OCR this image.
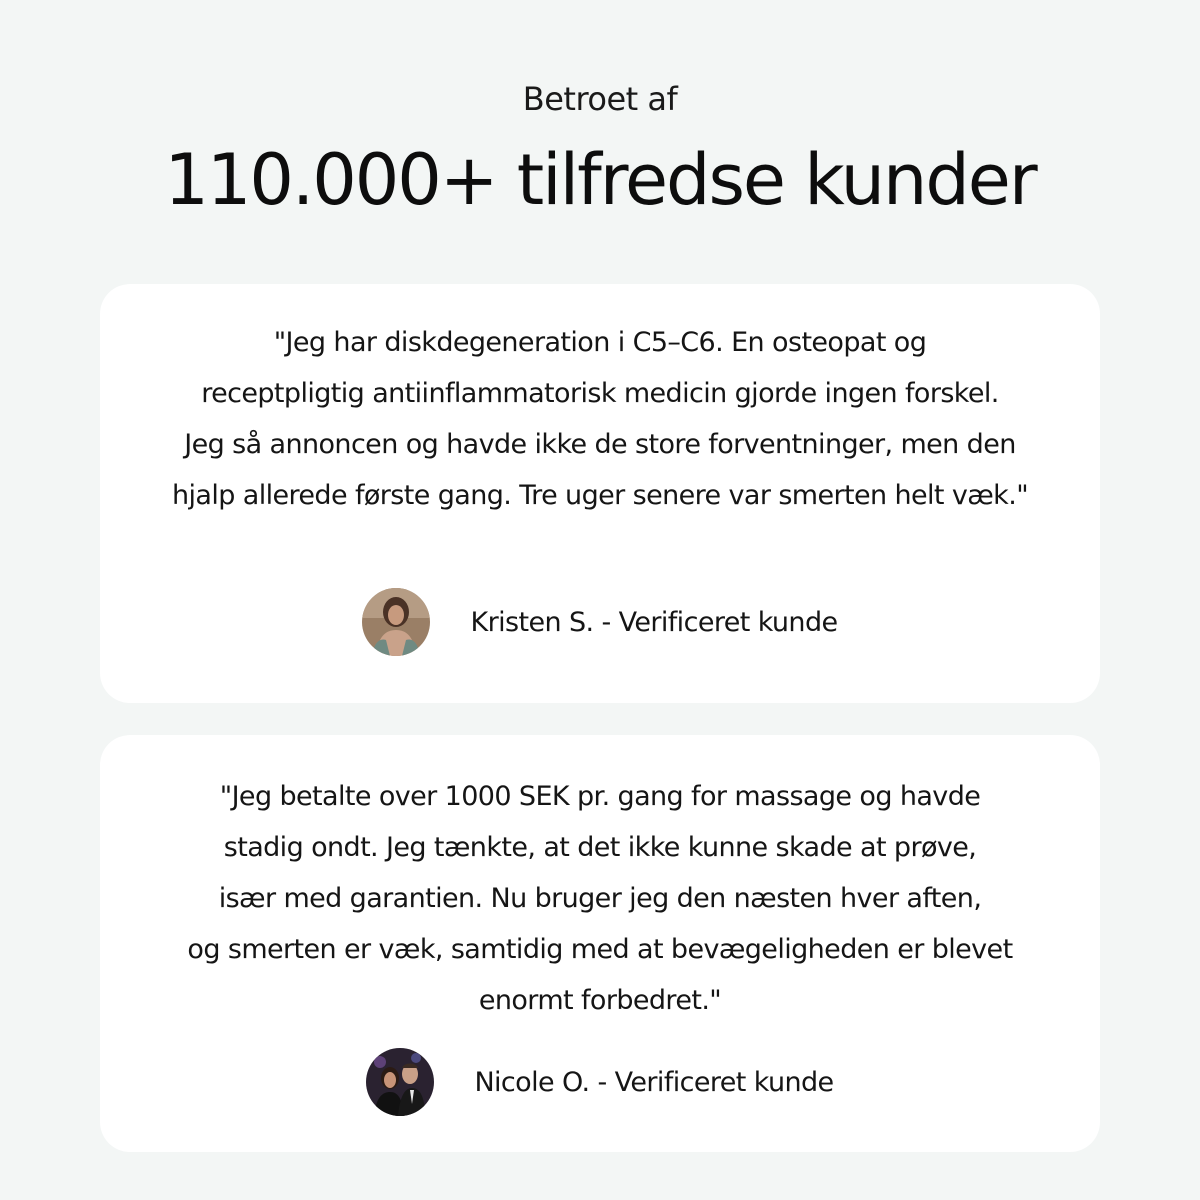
Betroet af
110.000+ tilfredse kunder

"Jeg har diskdegeneration i C5–C6. En osteopat og
receptpligtig antiinflammatorisk medicin gjorde ingen forskel.
Jeg så annoncen og havde ikke de store forventninger, men den
hjalp allerede første gang. Tre uger senere var smerten helt væk."

Kristen S. - Verificeret kunde

"Jeg betalte over 1000 SEK pr. gang for massage og havde
stadig ondt. Jeg tænkte, at det ikke kunne skade at prøve,
især med garantien. Nu bruger jeg den næsten hver aften,
og smerten er væk, samtidig med at bevægeligheden er blevet
enormt forbedret."

Nicole O. - Verificeret kunde
